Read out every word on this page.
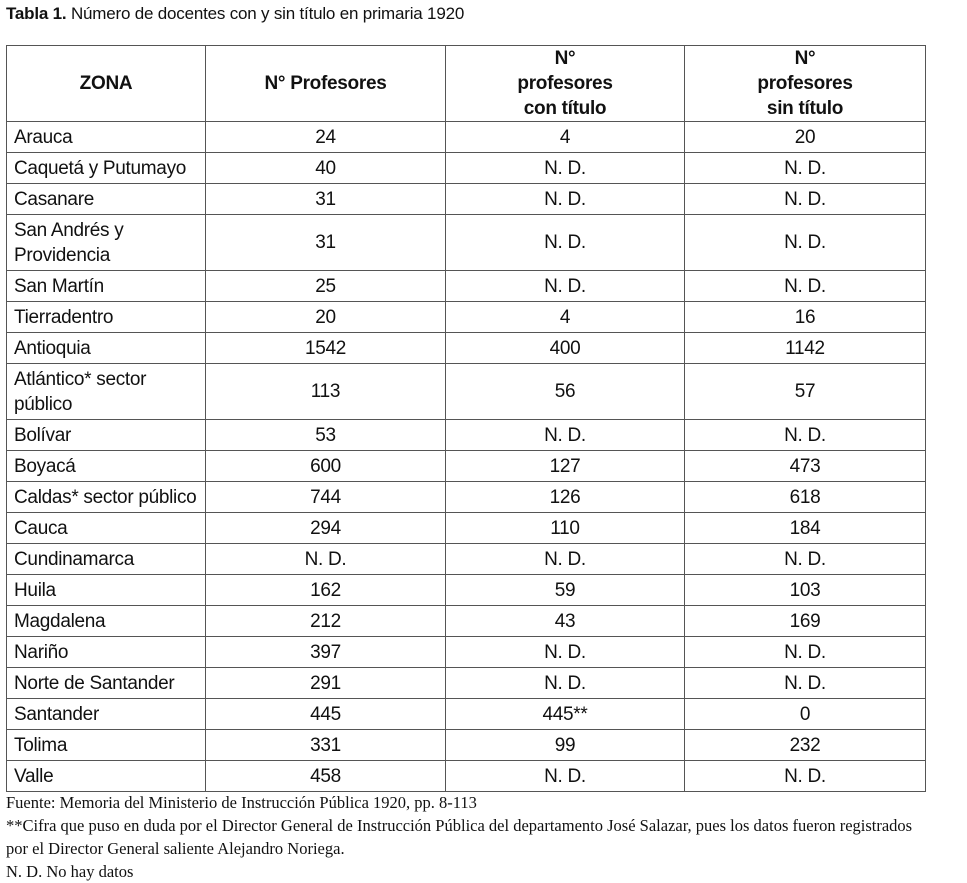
Tabla 1. Número de docentes con y sin título en primaria 1920
ZONA	N° Profesores	N° profesores con título	N° profesores sin título
Arauca	24	4	20
Caquetá y Putumayo	40	N. D.	N. D.
Casanare	31	N. D.	N. D.
San Andrés y Providencia	31	N. D.	N. D.
San Martín	25	N. D.	N. D.
Tierradentro	20	4	16
Antioquia	1542	400	1142
Atlántico* sector público	113	56	57
Bolívar	53	N. D.	N. D.
Boyacá	600	127	473
Caldas* sector público	744	126	618
Cauca	294	110	184
Cundinamarca	N. D.	N. D.	N. D.
Huila	162	59	103
Magdalena	212	43	169
Nariño	397	N. D.	N. D.
Norte de Santander	291	N. D.	N. D.
Santander	445	445**	0
Tolima	331	99	232
Valle	458	N. D.	N. D.

Fuente: Memoria del Ministerio de Instrucción Pública 1920, pp. 8-113

**Cifra que puso en duda por el Director General de Instrucción Pública del departamento José Salazar, pues los datos fueron registrados por el Director General saliente Alejandro Noriega.

N. D. No hay datos
